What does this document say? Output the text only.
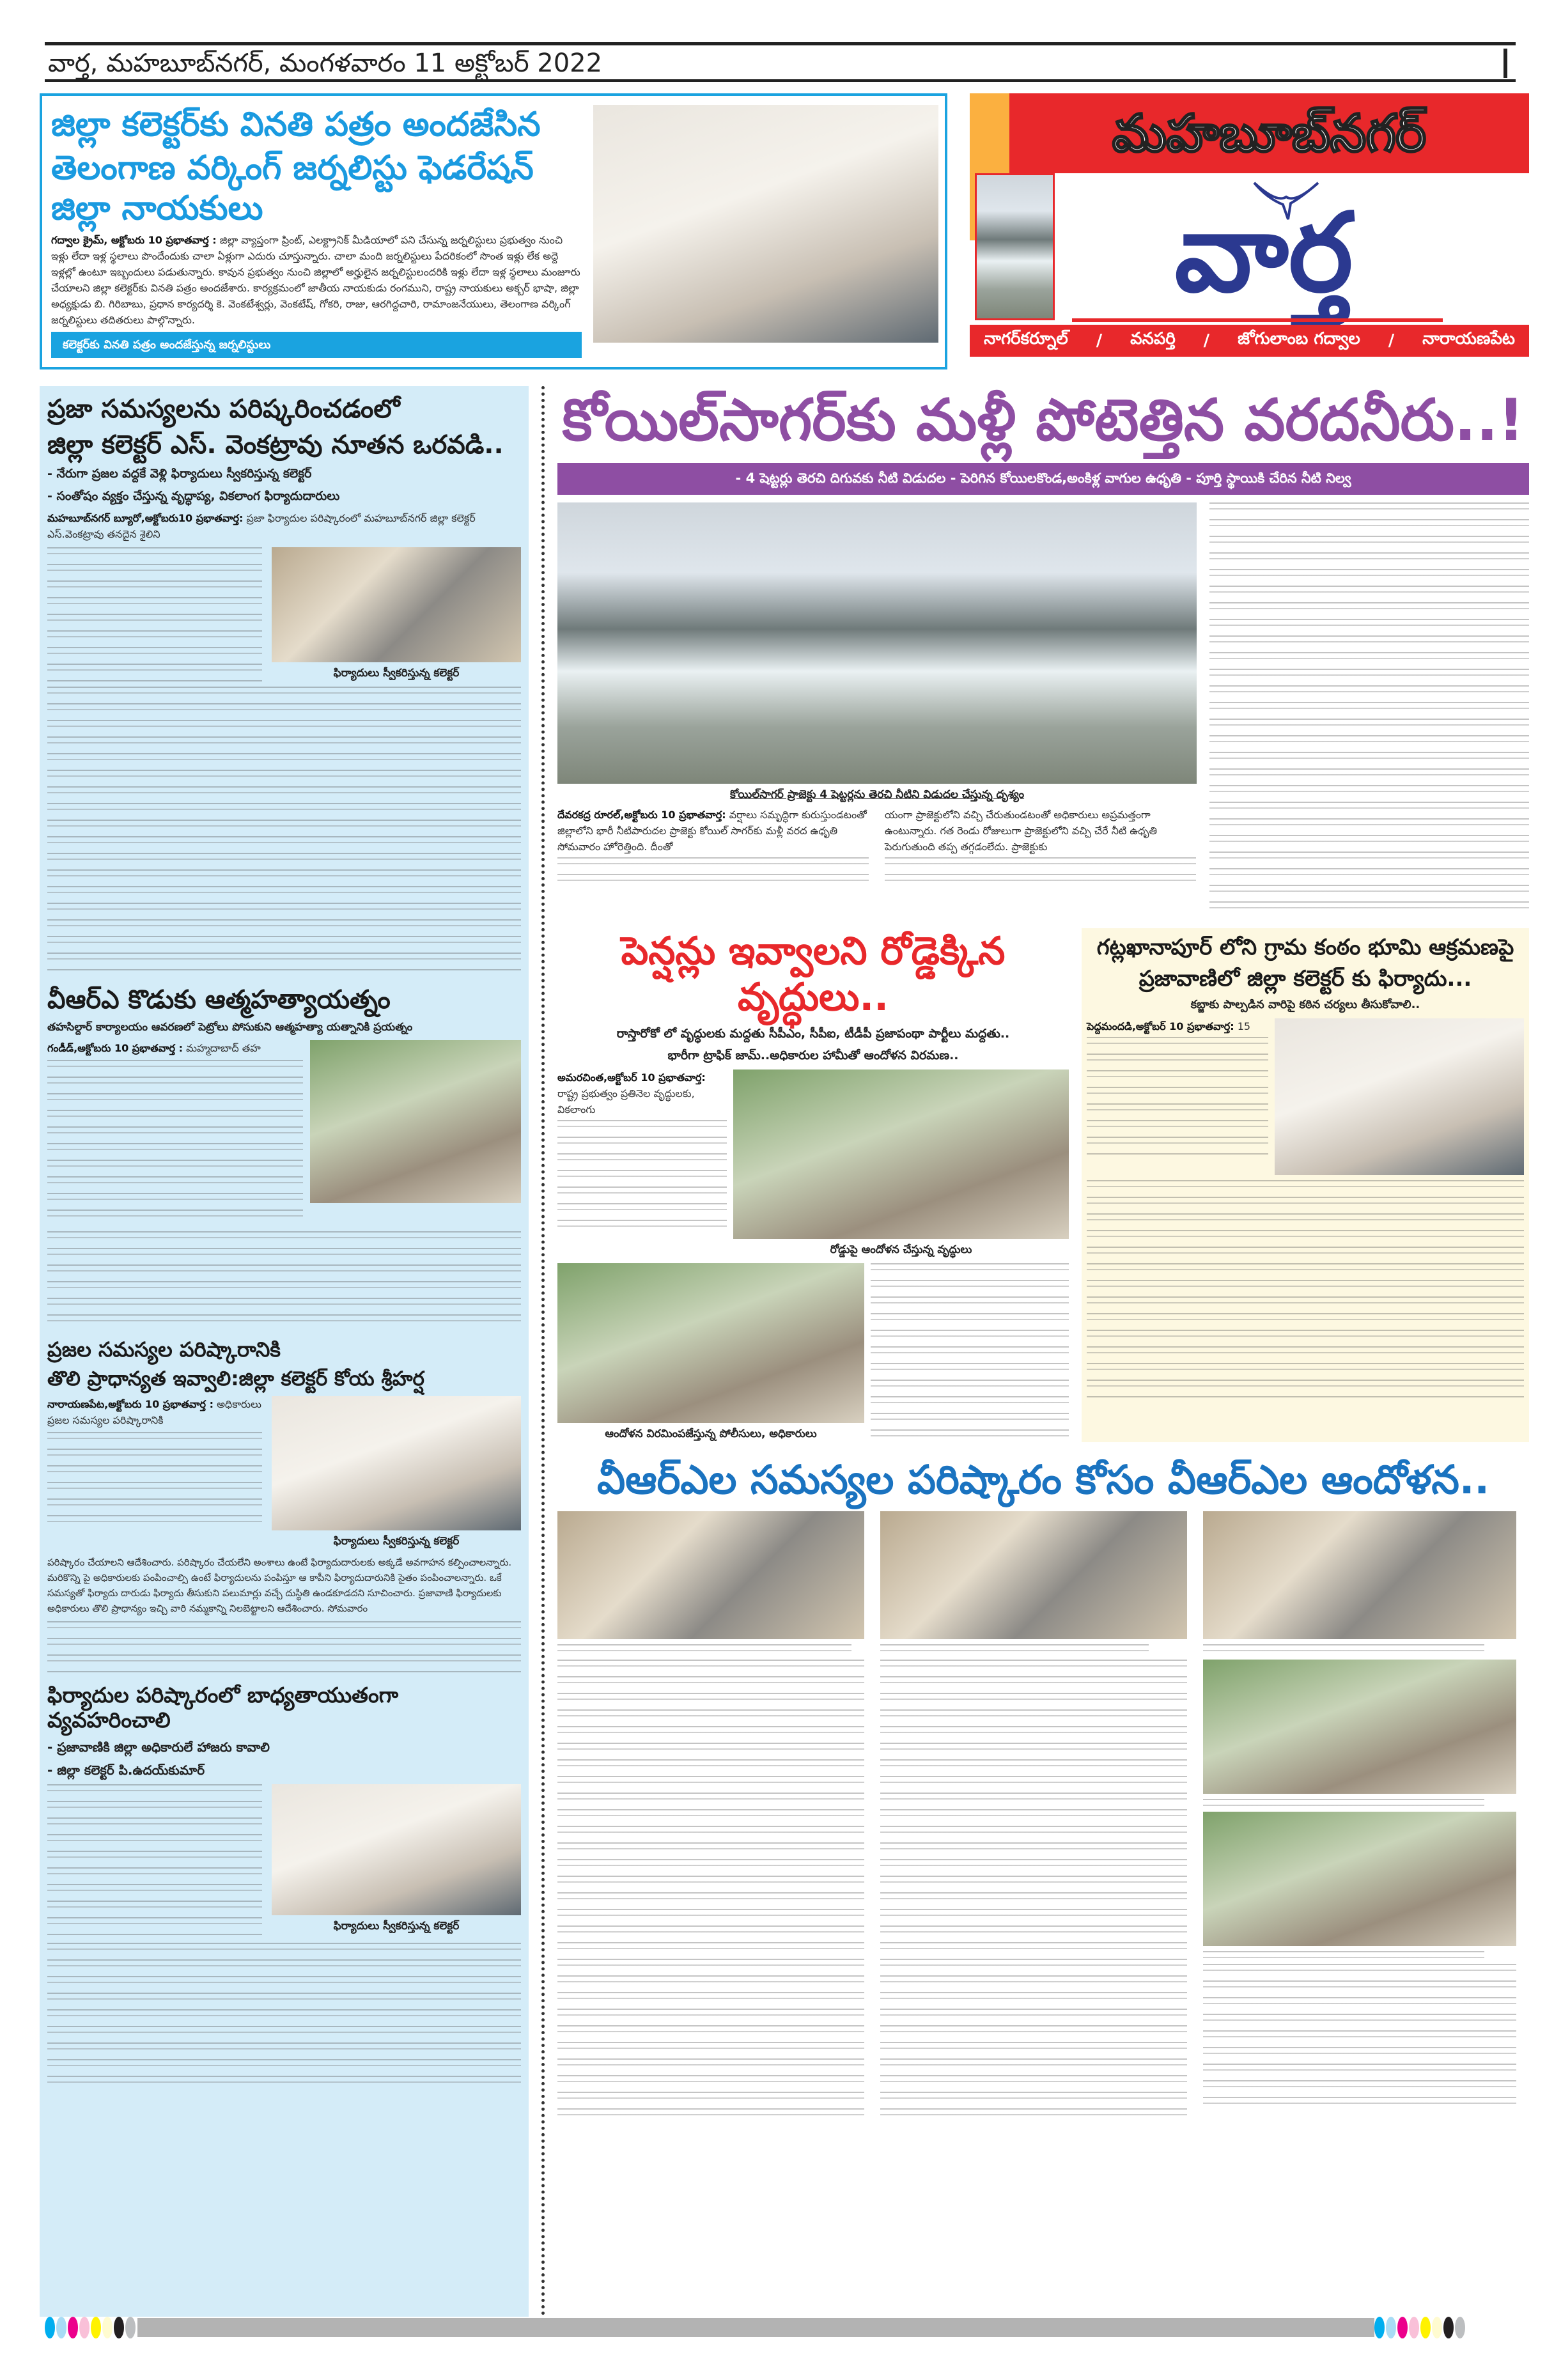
వార్త, మహబూబ్‌నగర్, మంగళవారం 11 అక్టోబర్ 2022
జిల్లా కలెక్టర్‌కు వినతి పత్రం అందజేసిన
తెలంగాణ వర్కింగ్ జర్నలిస్టు ఫెడరేషన్ జిల్లా నాయకులు
గద్వాల క్రైమ్, అక్టోబరు 10 ప్రభాతవార్త : జిల్లా వ్యాప్తంగా ప్రింట్, ఎలక్ట్రానిక్ మీడియాలో పని చేసున్న జర్నలిస్టులు ప్రభుత్వం నుంచి ఇళ్లు లేదా ఇళ్ల స్థలాలు పొందేందుకు చాలా ఏళ్లుగా ఎదురు చూస్తున్నారు. చాలా మంది జర్నలిస్టులు పేదరికంలో సొంత ఇళ్లు లేక అద్దె ఇళ్లల్లో ఉంటూ ఇబ్బందులు పడుతున్నారు. కావున ప్రభుత్వం నుంచి జిల్లాలో అర్హులైన జర్నలిస్టులందరికి ఇళ్లు లేదా ఇళ్ల స్థలాలు మంజూరు చేయాలని జిల్లా కలెక్టర్‌కు వినతి పత్రం అందజేశారు. కార్యక్రమంలో జాతీయ నాయకుడు రంగముని, రాష్ట్ర నాయకులు అక్బర్ భాషా, జిల్లా అధ్యక్షుడు బి. గిరిబాబు, ప్రధాన కార్యదర్శి కె. వెంకటేశ్వర్లు, వెంకటేష్, గోకరి, రాజు, ఆరగిద్దచారి, రామాంజనేయులు, తెలంగాణ వర్కింగ్ జర్నలిస్టులు తదితరులు పాల్గొన్నారు.
కలెక్టర్‌కు వినతి పత్రం అందజేస్తున్న జర్నలిస్టులు
మహబూబ్‌నగర్
వార్త
నాగర్‌కర్నూల్ / వనపర్తి / జోగులాంబ గద్వాల / నారాయణపేట
ప్రజా సమస్యలను పరిష్కరించడంలో
జిల్లా కలెక్టర్ ఎస్. వెంకట్రావు నూతన ఒరవడి..
- నేరుగా ప్రజల వద్దకే వెళ్లి ఫిర్యాదులు స్వీకరిస్తున్న కలెక్టర్
- సంతోషం వ్యక్తం చేస్తున్న వృద్ధాప్య, వికలాంగ ఫిర్యాదుదారులు
మహబూబ్‌నగర్ బ్యూరో,అక్టోబరు10 ప్రభాతవార్త: ప్రజా ఫిర్యాదుల పరిష్కారంలో మహబూబ్‌నగర్ జిల్లా కలెక్టర్ ఎస్.వెంకట్రావు తనదైన శైలిని
ఫిర్యాదులు స్వీకరిస్తున్న కలెక్టర్
వీఆర్ఎ కొడుకు ఆత్మహత్యాయత్నం
తహసిల్దార్ కార్యాలయం ఆవరణలో పెట్రోలు పోసుకుని ఆత్మహత్యా యత్నానికి ప్రయత్నం
గండీడ్,అక్టోబరు 10 ప్రభాతవార్త : మహ్మదాబాద్ తహ
ప్రజల సమస్యల పరిష్కారానికి
తొలి ప్రాధాన్యత ఇవ్వాలి:జిల్లా కలెక్టర్ కోయ శ్రీహర్ష
నారాయణపేట,అక్టోబరు 10 ప్రభాతవార్త : అధికారులు ప్రజల సమస్యల పరిష్కారానికి
ఫిర్యాదులు స్వీకరిస్తున్న కలెక్టర్
పరిష్కారం చేయాలని ఆదేశించారు. పరిష్కారం చేయలేని అంశాలు ఉంటే ఫిర్యాదుదారులకు అక్కడే అవగాహన కల్పించాలన్నారు. మరికొన్ని పై అధికారులకు పంపించాల్సి ఉంటే ఫిర్యాదులను పంపిస్తూ ఆ కాపీని ఫిర్యాదుదారునికి సైతం పంపించాలన్నారు. ఒకే సమస్యతో ఫిర్యాదు దారుడు ఫిర్యాదు తీసుకుని పలుమార్లు వచ్చే దుస్థితి ఉండకూడదని సూచించారు. ప్రజావాణి ఫిర్యాదులకు అధికారులు తొలి ప్రాధాన్యం ఇచ్చి వారి నమ్మకాన్ని నిలబెట్టాలని ఆదేశించారు. సోమవారం
ఫిర్యాదుల పరిష్కారంలో బాధ్యతాయుతంగా వ్యవహరించాలి
- ప్రజావాణికి జిల్లా అధికారులే హాజరు కావాలి
- జిల్లా కలెక్టర్ పి.ఉదయ్‌కుమార్
ఫిర్యాదులు స్వీకరిస్తున్న కలెక్టర్
కోయిల్‌సాగర్‌కు మళ్లీ పోటెత్తిన వరదనీరు..!
- 4 షెట్టర్లు తెరచి దిగువకు నీటి విడుదల - పెరిగిన కోయిలకొండ,అంకిళ్ల వాగుల ఉధృతి - పూర్తి స్థాయికి చేరిన నీటి నిల్వ
కోయిల్‌సాగర్ ప్రాజెక్టు 4 షెట్టర్లను తెరచి నీటిని విడుదల చేస్తున్న దృశ్యం
దేవరకద్ర రూరల్,అక్టోబరు 10 ప్రభాతవార్త: వర్షాలు సమృద్ధిగా కురుస్తుండటంతో జిల్లాలోని భారీ నీటిపారుదల ప్రాజెక్టు కోయిల్ సాగర్‌కు మళ్లీ వరద ఉధృతి సోమవారం హోరెత్తింది. దీంతో
యంగా ప్రాజెక్టులోని వచ్చి చేరుతుండటంతో అధికారులు అప్రమత్తంగా ఉంటున్నారు. గత రెండు రోజులుగా ప్రాజెక్టులోని వచ్చి చేరే నీటి ఉధృతి పెరుగుతుంది తప్ప తగ్గడంలేదు. ప్రాజెక్టుకు
పెన్షన్లు ఇవ్వాలని రోడ్డెక్కిన వృద్ధులు..
రాస్తారోకో లో వృద్ధులకు మద్దతు సీపీఎం, సీపీఐ, టీడీపీ ప్రజాపంథా పార్టీలు మద్దతు..
భారీగా ట్రాఫిక్ జామ్..అధికారుల హామీతో ఆందోళన విరమణ..
అమరచింత,అక్టోబర్ 10 ప్రభాతవార్త: రాష్ట్ర ప్రభుత్వం ప్రతినెల వృద్ధులకు, వికలాంగు
రోడ్డుపై ఆందోళన చేస్తున్న వృద్ధులు
ఆందోళన విరమింపజేస్తున్న పోలీసులు, అధికారులు
గట్లఖానాపూర్ లోని గ్రామ కంఠం భూమి ఆక్రమణపై
ప్రజావాణిలో జిల్లా కలెక్టర్ కు ఫిర్యాదు...
కబ్జాకు పాల్పడిన వారిపై కఠిన చర్యలు తీసుకోవాలి..
పెద్దమందడి,అక్టోబర్ 10 ప్రభాతవార్త: 15
వీఆర్ఎల సమస్యల పరిష్కారం కోసం వీఆర్ఎల ఆందోళన..
